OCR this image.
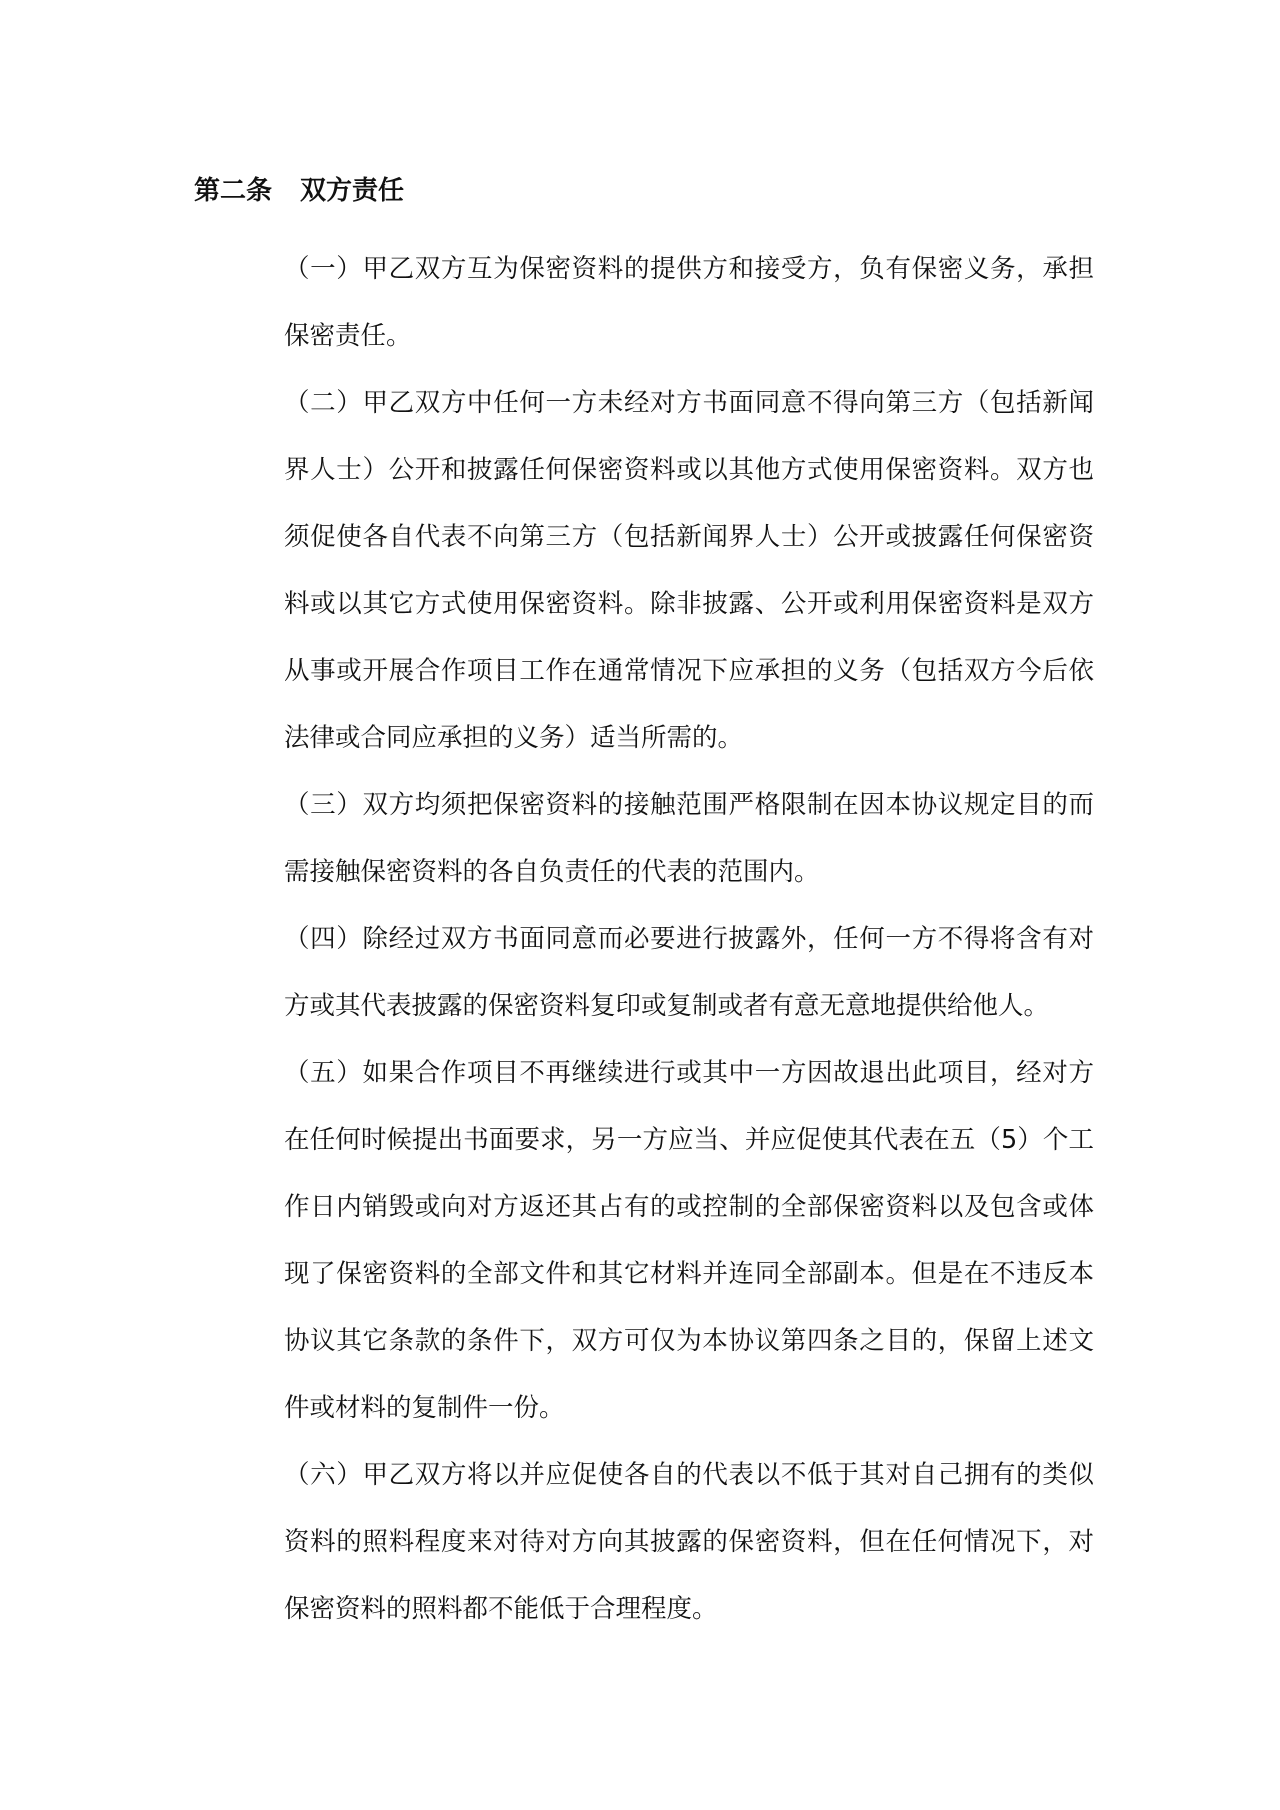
第二条 双方责任

（一）甲乙双方互为保密资料的提供方和接受方，负有保密义务，承担保密责任。

（二）甲乙双方中任何一方未经对方书面同意不得向第三方（包括新闻界人士）公开和披露任何保密资料或以其他方式使用保密资料。双方也须促使各自代表不向第三方（包括新闻界人士）公开或披露任何保密资料或以其它方式使用保密资料。除非披露、公开或利用保密资料是双方从事或开展合作项目工作在通常情况下应承担的义务（包括双方今后依法律或合同应承担的义务）适当所需的。

（三）双方均须把保密资料的接触范围严格限制在因本协议规定目的而需接触保密资料的各自负责任的代表的范围内。

（四）除经过双方书面同意而必要进行披露外，任何一方不得将含有对方或其代表披露的保密资料复印或复制或者有意无意地提供给他人。

（五）如果合作项目不再继续进行或其中一方因故退出此项目，经对方在任何时候提出书面要求，另一方应当、并应促使其代表在五（5）个工作日内销毁或向对方返还其占有的或控制的全部保密资料以及包含或体现了保密资料的全部文件和其它材料并连同全部副本。但是在不违反本协议其它条款的条件下，双方可仅为本协议第四条之目的，保留上述文件或材料的复制件一份。

（六）甲乙双方将以并应促使各自的代表以不低于其对自己拥有的类似资料的照料程度来对待对方向其披露的保密资料，但在任何情况下，对保密资料的照料都不能低于合理程度。
